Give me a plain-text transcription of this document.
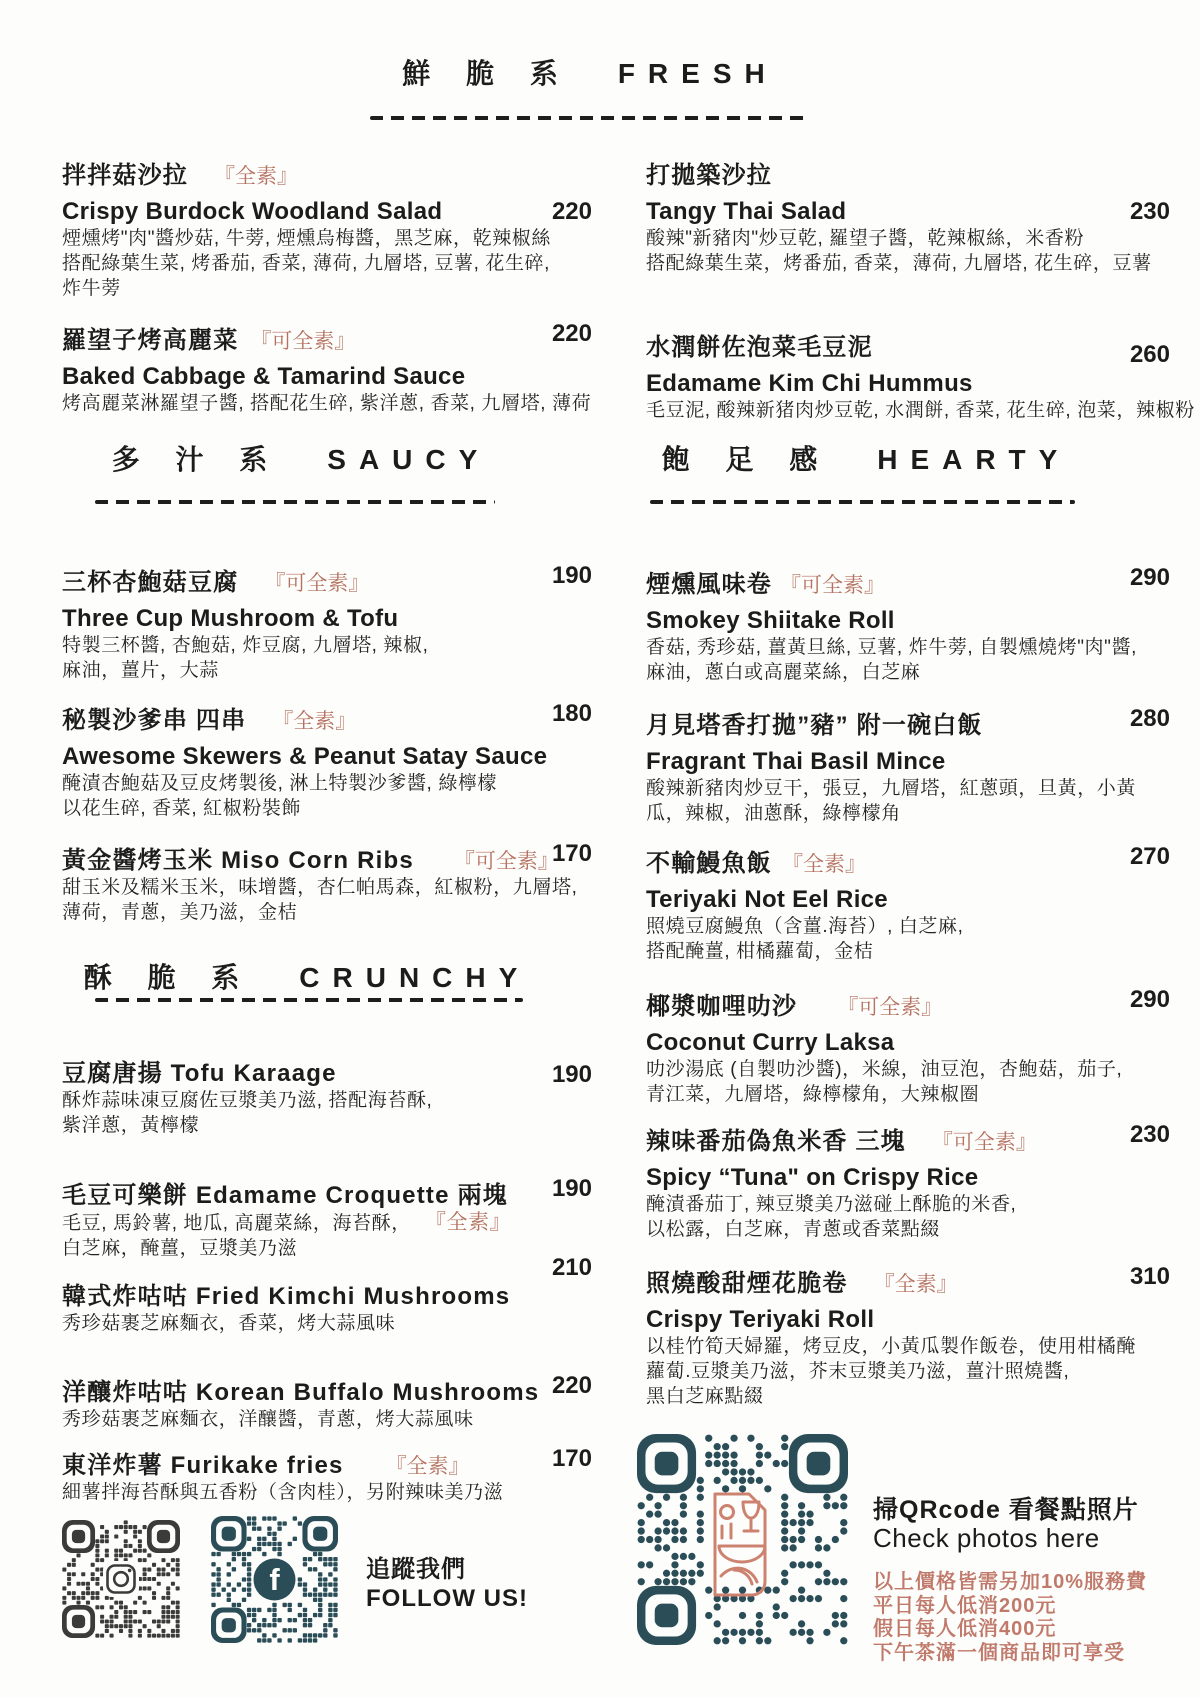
鮮 脆 系 FRESH
拌拌菇沙拉 『全素』
Crispy Burdock Woodland Salad	220
煙燻烤"肉"醬炒菇, 牛蒡, 煙燻烏梅醬，黑芝麻，乾辣椒絲
搭配綠葉生菜, 烤番茄, 香菜, 薄荷, 九層塔, 豆薯, 花生碎,
炸牛蒡
打拋築沙拉
Tangy Thai Salad	230
酸辣"新豬肉"炒豆乾, 羅望子醬，乾辣椒絲，米香粉
搭配綠葉生菜，烤番茄, 香菜，薄荷, 九層塔, 花生碎，豆薯
羅望子烤高麗菜 『可全素』	220
Baked Cabbage & Tamarind Sauce
烤高麗菜淋羅望子醬, 搭配花生碎, 紫洋蔥, 香菜, 九層塔, 薄荷
水潤餅佐泡菜毛豆泥	260
Edamame Kim Chi Hummus
毛豆泥, 酸辣新猪肉炒豆乾, 水潤餅, 香菜, 花生碎, 泡菜，辣椒粉
多 汁 系 SAUCY	飽 足 感 HEARTY
三杯杏鮑菇豆腐 『可全素』	190
Three Cup Mushroom & Tofu
特製三杯醬, 杏鮑菇, 炸豆腐, 九層塔, 辣椒,
麻油，薑片，大蒜
秘製沙爹串 四串 『全素』	180
Awesome Skewers & Peanut Satay Sauce
醃漬杏鮑菇及豆皮烤製後, 淋上特製沙爹醬, 綠檸檬
以花生碎, 香菜, 紅椒粉裝飾
黃金醬烤玉米 Miso Corn Ribs 『可全素』
170
甜玉米及糯米玉米，味增醬，杏仁帕馬森，紅椒粉，九層塔,
薄荷，青蔥，美乃滋，金桔
酥 脆 系 CRUNCHY
豆腐唐揚 Tofu Karaage	190
酥炸蒜味凍豆腐佐豆漿美乃滋, 搭配海苔酥,
紫洋蔥，黃檸檬
毛豆可樂餅 Edamame Croquette 兩塊 190
毛豆, 馬鈴薯, 地瓜, 高麗菜絲，海苔酥， 『全素』
白芝麻，醃薑，豆漿美乃滋
韓式炸咕咕 Fried Kimchi Mushrooms
210
秀珍菇裹芝麻麵衣，香菜，烤大蒜風味
洋釀炸咕咕 Korean Buffalo Mushrooms 220
秀珍菇裹芝麻麵衣，洋釀醬，青蔥，烤大蒜風味
東洋炸薯 Furikake fries 『全素』	170
細薯拌海苔酥與五香粉（含肉桂），另附辣味美乃滋
煙燻風味卷 『可全素』	290
Smokey Shiitake Roll
香菇, 秀珍菇, 薑黃旦絲, 豆薯, 炸牛蒡, 自製燻燒烤"肉"醬,
麻油，蔥白或高麗菜絲，白芝麻
月見塔香打拋”豬” 附一碗白飯	280
Fragrant Thai Basil Mince
酸辣新豬肉炒豆干，張豆，九層塔，紅蔥頭，旦黃，小黃
瓜，辣椒，油蔥酥，綠檸檬角
不輸鰻魚飯 『全素』	270
Teriyaki Not Eel Rice
照燒豆腐鰻魚（含薑.海苔）, 白芝麻,
搭配醃薑, 柑橘蘿蔔，金桔
椰漿咖哩叻沙 『可全素』	290
Coconut Curry Laksa
叻沙湯底 (自製叻沙醬)，米線，油豆泡，杏鮑菇，茄子,
青江菜，九層塔，綠檸檬角，大辣椒圈
辣味番茄偽魚米香 三塊 『可全素』	230
Spicy “Tuna" on Crispy Rice
醃漬番茄丁, 辣豆漿美乃滋碰上酥脆的米香,
以松露，白芝麻，青蔥或香菜點綴
照燒酸甜煙花脆卷 『全素』	310
Crispy Teriyaki Roll
以桂竹筍天婦羅，烤豆皮，小黃瓜製作飯卷，使用柑橘醃
蘿蔔.豆漿美乃滋，芥末豆漿美乃滋，薑汁照燒醬,
黑白芝麻點綴
f	追蹤我們
FOLLOW US!
掃QRcode 看餐點照片
Check photos here
以上價格皆需另加10%服務費
平日每人低消200元
假日每人低消400元
下午茶滿一個商品即可享受
